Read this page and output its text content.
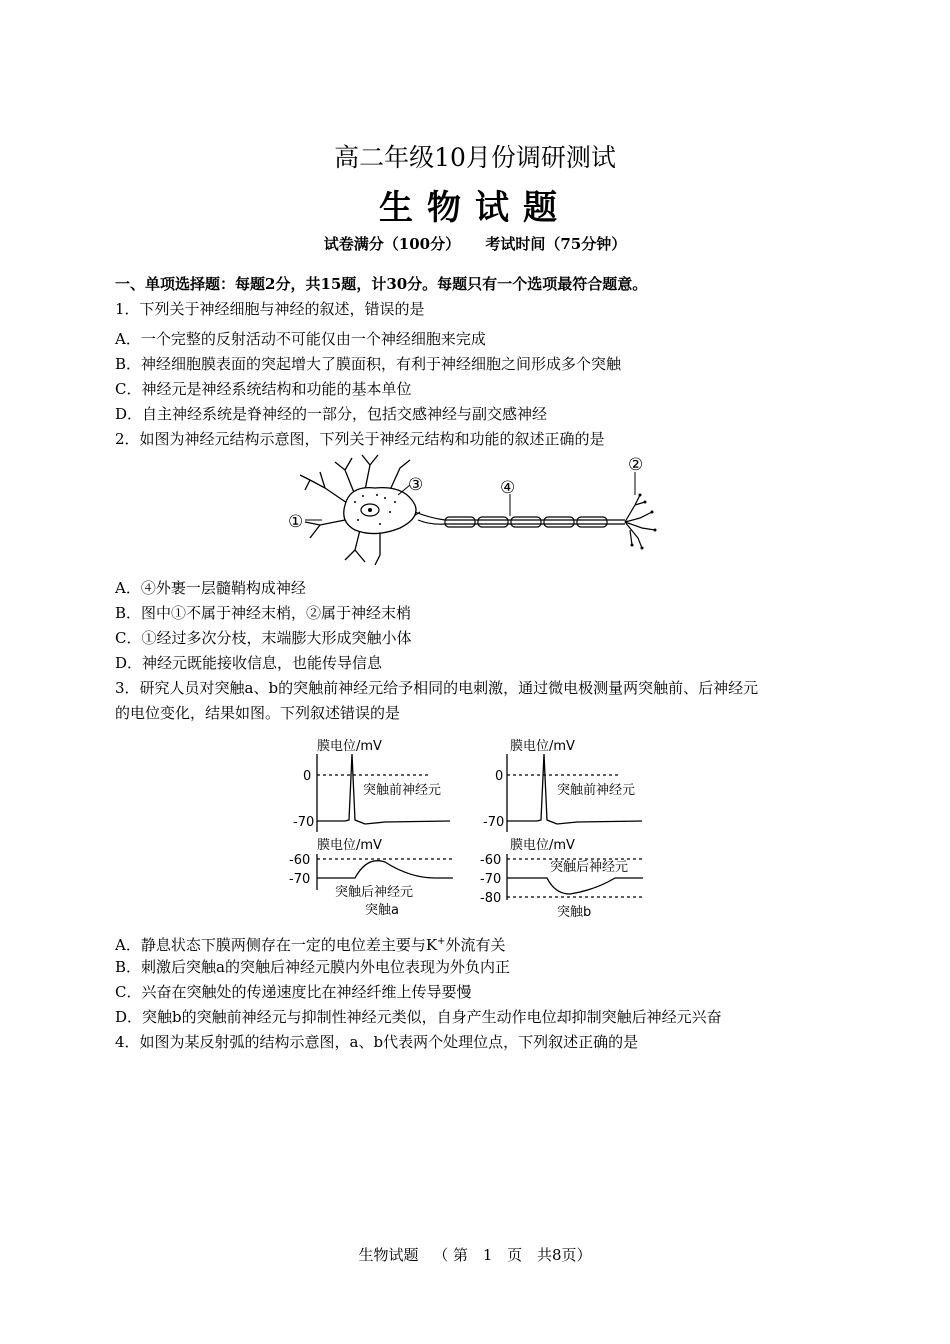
高二年级10月份调研测试
生物试题
试卷满分（100分） 考试时间（75分钟）
一、单项选择题：每题2分，共15题，计30分。每题只有一个选项最符合题意。
1．下列关于神经细胞与神经的叙述，错误的是
A．一个完整的反射活动不可能仅由一个神经细胞来完成
B．神经细胞膜表面的突起增大了膜面积，有利于神经细胞之间形成多个突触
C．神经元是神经系统结构和功能的基本单位
D．自主神经系统是脊神经的一部分，包括交感神经与副交感神经
2．如图为神经元结构示意图，下列关于神经元结构和功能的叙述正确的是
①
②
③	④
A．④外裹一层髓鞘构成神经
B．图中①不属于神经末梢，②属于神经末梢
C．①经过多次分枝，末端膨大形成突触小体
D．神经元既能接收信息，也能传导信息
3．研究人员对突触a、b的突触前神经元给予相同的电刺激，通过微电极测量两突触前、后神经元
的电位变化，结果如图。下列叙述错误的是
膜电位/mV
0
-70
突触前神经元
膜电位/mV
-60
-70
突触后神经元
突触a
膜电位/mV
0
-70
突触前神经元
膜电位/mV
-60
-70
-80
突触后神经元
突触b
A．静息状态下膜两侧存在一定的电位差主要与K+外流有关
B．刺激后突触a的突触后神经元膜内外电位表现为外负内正
C．兴奋在突触处的传递速度比在神经纤维上传导要慢
D．突触b的突触前神经元与抑制性神经元类似，自身产生动作电位却抑制突触后神经元兴奋
4．如图为某反射弧的结构示意图，a、b代表两个处理位点，下列叙述正确的是
生物试题 （ 第 1 页 共8页）
